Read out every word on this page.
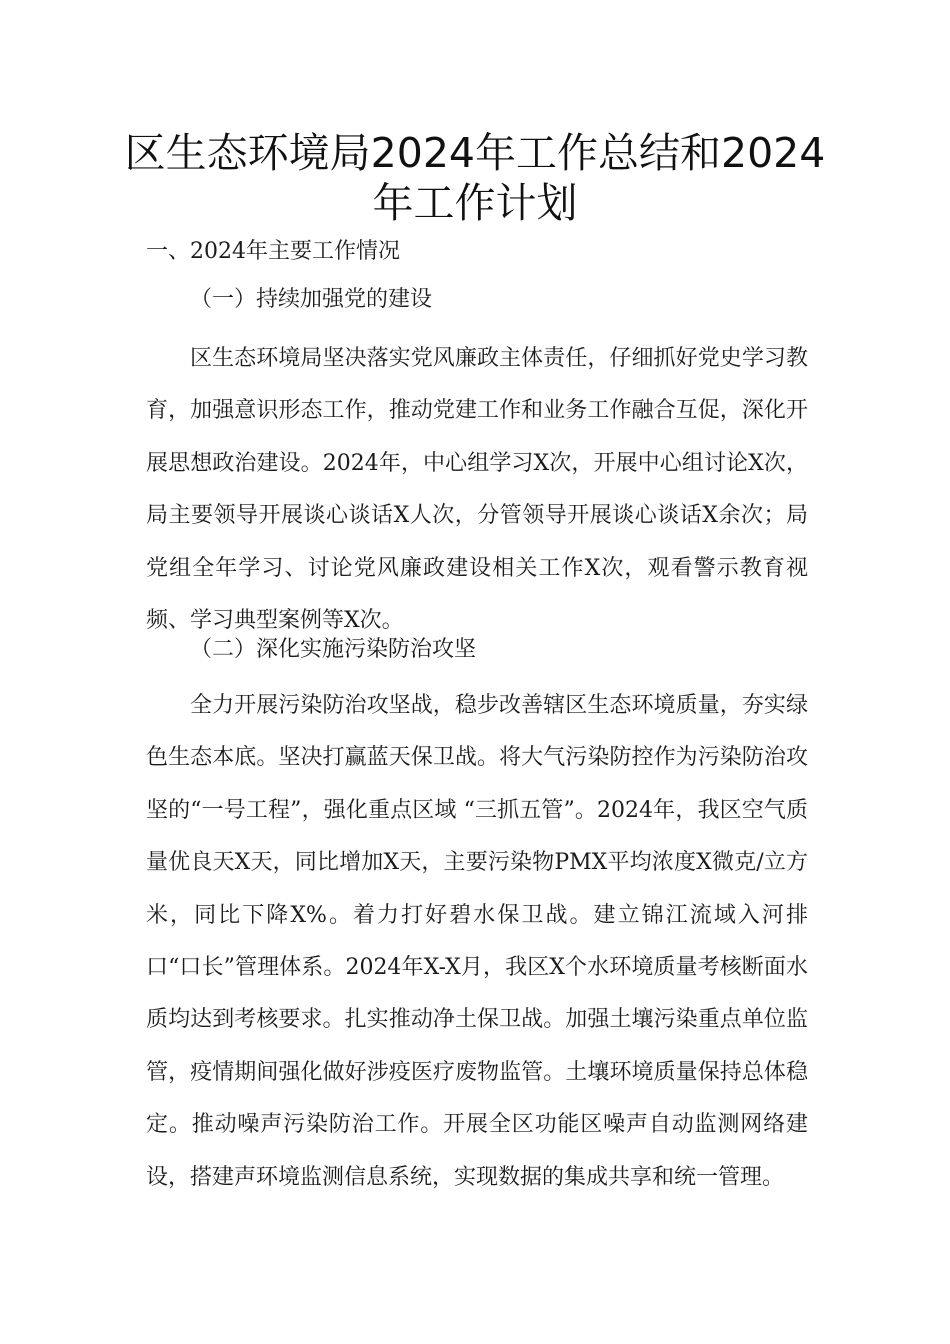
区生态环境局2024年工作总结和2024年工作计划

一、2024年主要工作情况

（一）持续加强党的建设

区生态环境局坚决落实党风廉政主体责任，仔细抓好党史学习教育，加强意识形态工作，推动党建工作和业务工作融合互促，深化开展思想政治建设。2024年，中心组学习X次，开展中心组讨论X次，局主要领导开展谈心谈话X人次，分管领导开展谈心谈话X余次；局党组全年学习、讨论党风廉政建设相关工作X次，观看警示教育视频、学习典型案例等X次。

（二）深化实施污染防治攻坚

全力开展污染防治攻坚战，稳步改善辖区生态环境质量，夯实绿色生态本底。坚决打赢蓝天保卫战。将大气污染防控作为污染防治攻坚的“一号工程”，强化重点区域 “三抓五管”。2024年，我区空气质量优良天X天，同比增加X天，主要污染物PMX平均浓度X微克/立方米，同比下降X%。着力打好碧水保卫战。建立锦江流域入河排口“口长”管理体系。2024年X-X月，我区X个水环境质量考核断面水质均达到考核要求。扎实推动净土保卫战。加强土壤污染重点单位监管，疫情期间强化做好涉疫医疗废物监管。土壤环境质量保持总体稳定。推动噪声污染防治工作。开展全区功能区噪声自动监测网络建设，搭建声环境监测信息系统，实现数据的集成共享和统一管理。
